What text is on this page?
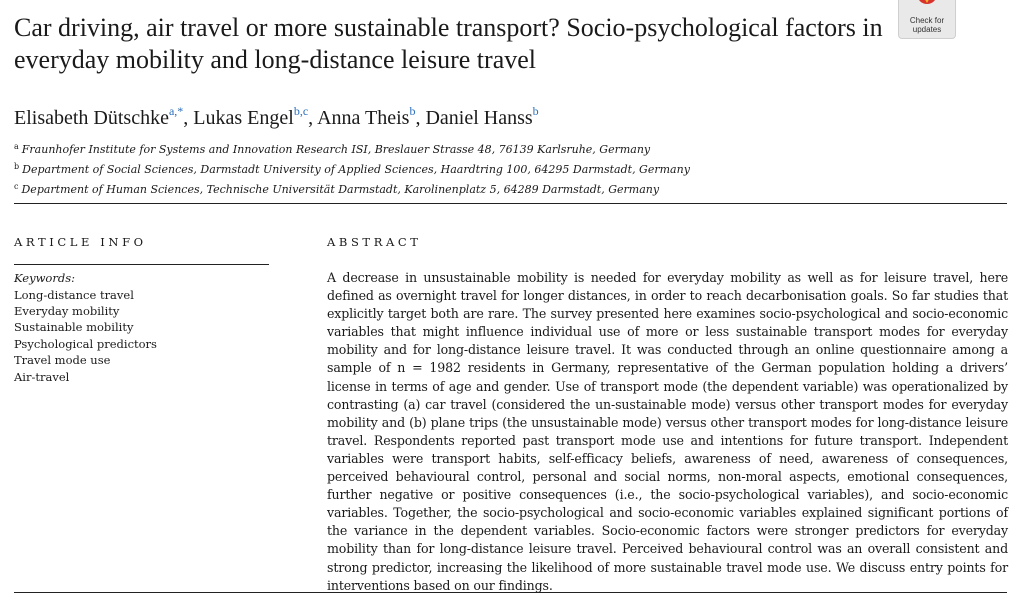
Car driving, air travel or more sustainable transport? Socio-psychological factors in everyday mobility and long-distance leisure travel
Check for
updates
Elisabeth Dütschke$^{a,*}$, Lukas Engel$^{b,c}$, Anna Theis$^b$, Daniel Hanss$^b$
$^a$ Fraunhofer Institute for Systems and Innovation Research ISI, Breslauer Strasse 48, 76139 Karlsruhe, Germany
$^b$ Department of Social Sciences, Darmstadt University of Applied Sciences, Haardtring 100, 64295 Darmstadt, Germany
$^c$ Department of Human Sciences, Technische Universität Darmstadt, Karolinenplatz 5, 64289 Darmstadt, Germany
ARTICLE INFO	ABSTRACT
Keywords:
Long-distance travel
Everyday mobility
Sustainable mobility
Psychological predictors
Travel mode use
Air-travel

A decrease in unsustainable mobility is needed for everyday mobility as well as for leisure travel, here defined as overnight travel for longer distances, in order to reach decarbonisation goals. So far studies that explicitly target both are rare. The survey presented here examines socio-psychological and socio-economic variables that might influence individual use of more or less sustainable transport modes for everyday mobility and for long-distance leisure travel. It was conducted through an online questionnaire among a sample of n = 1982 residents in Germany, representative of the German population holding a drivers’ license in terms of age and gender. Use of transport mode (the dependent variable) was operationalized by contrasting (a) car travel (considered the un-sustainable mode) versus other transport modes for everyday mobility and (b) plane trips (the unsustainable mode) versus other transport modes for long-distance leisure travel. Respondents reported past transport mode use and intentions for future transport. Independent variables were transport habits, self-efficacy beliefs, awareness of need, awareness of consequences, perceived behavioural control, personal and social norms, non-moral aspects, emotional consequences, further negative or positive consequences (i.e., the socio-psychological variables), and socio-economic variables. Together, the socio-psychological and socio-economic variables explained significant portions of the variance in the dependent variables. Socio-economic factors were stronger predictors for everyday mobility than for long-distance leisure travel. Perceived behavioural control was an overall consistent and strong predictor, increasing the likelihood of more sustainable travel mode use. We discuss entry points for interventions based on our findings.
